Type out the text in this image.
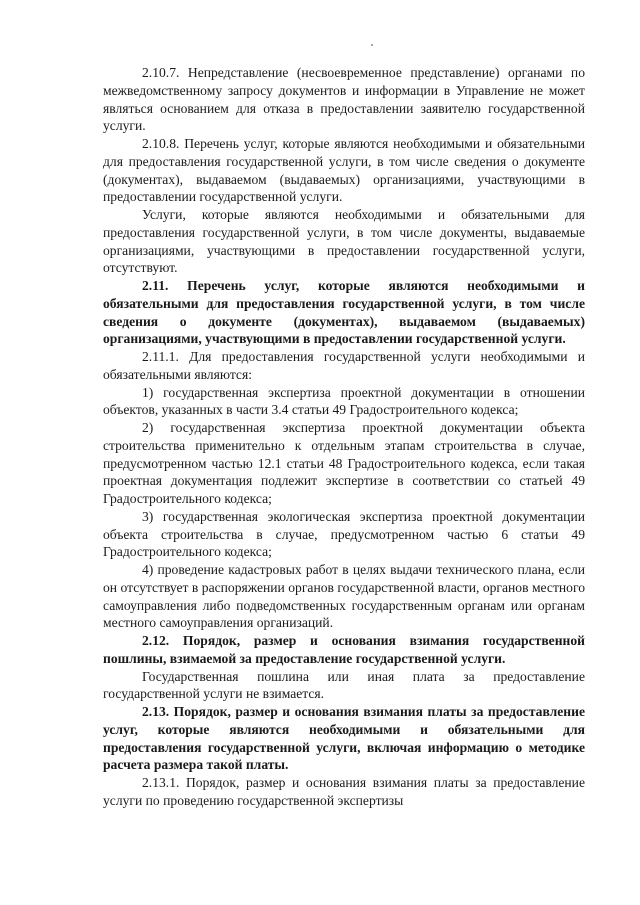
2.10.7. Непредставление (несвоевременное представление) органами по межведомственному запросу документов и информации в Управление не может являться основанием для отказа в предоставлении заявителю государственной услуги.

2.10.8. Перечень услуг, которые являются необходимыми и обязательными для предоставления государственной услуги, в том числе сведения о документе (документах), выдаваемом (выдаваемых) организациями, участвующими в предоставлении государственной услуги.

Услуги, которые являются необходимыми и обязательными для предоставления государственной услуги, в том числе документы, выдаваемые организациями, участвующими в предоставлении государственной услуги, отсутствуют.

2.11. Перечень услуг, которые являются необходимыми и обязательными для предоставления государственной услуги, в том числе сведения о документе (документах), выдаваемом (выдаваемых) организациями, участвующими в предоставлении государственной услуги.

2.11.1. Для предоставления государственной услуги необходимыми и обязательными являются:

1) государственная экспертиза проектной документации в отношении объектов, указанных в части 3.4 статьи 49 Градостроительного кодекса;

2) государственная экспертиза проектной документации объекта строительства применительно к отдельным этапам строительства в случае, предусмотренном частью 12.1 статьи 48 Градостроительного кодекса, если такая проектная документация подлежит экспертизе в соответствии со статьей 49 Градостроительного кодекса;

3) государственная экологическая экспертиза проектной документации объекта строительства в случае, предусмотренном частью 6 статьи 49 Градостроительного кодекса;

4) проведение кадастровых работ в целях выдачи технического плана, если он отсутствует в распоряжении органов государственной власти, органов местного самоуправления либо подведомственных государственным органам или органам местного самоуправления организаций.

2.12. Порядок, размер и основания взимания государственной пошлины, взимаемой за предоставление государственной услуги.

Государственная пошлина или иная плата за предоставление государственной услуги не взимается.

2.13. Порядок, размер и основания взимания платы за предоставление услуг, которые являются необходимыми и обязательными для предоставления государственной услуги, включая информацию о методике расчета размера такой платы.

2.13.1. Порядок, размер и основания взимания платы за предоставление услуги по проведению государственной экспертизы
